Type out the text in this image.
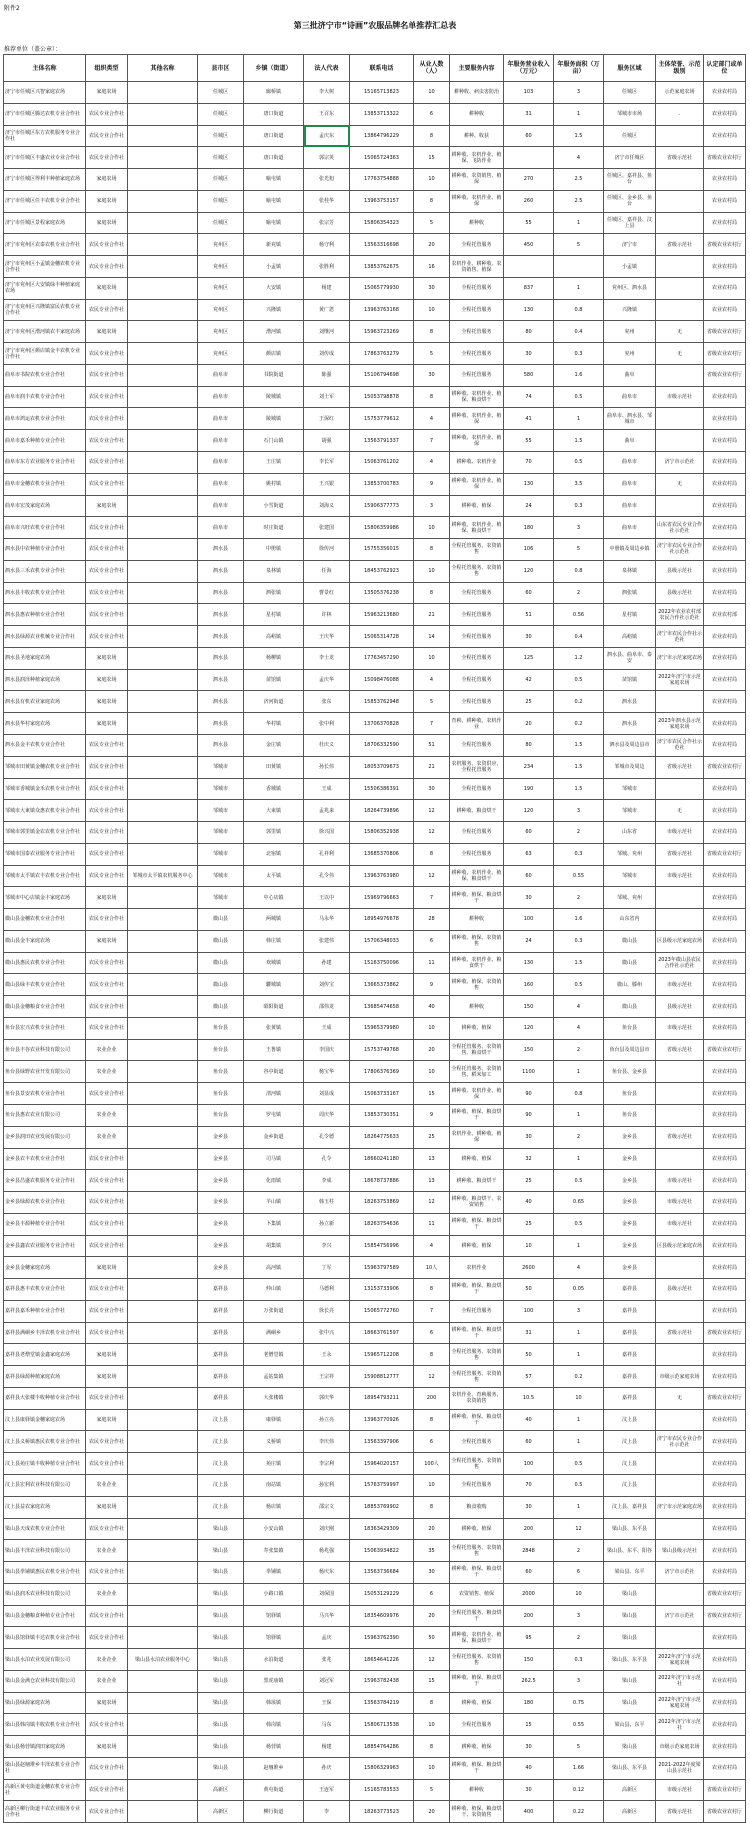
附件2
第三批济宁市“诗画”农服品牌名单推荐汇总表
推荐单位（盖公章）：
主体名称	组织类型	其他名称	县市区	乡镇（街道）	法人代表	联系电话	从业人数（人）	主要服务内容	年服务营业收入（万元）	年服务面积（万亩）	服务区域	主体荣誉、示范级别	认定部门或单位
济宁市任城区兴智家庭农场	家庭农场		任城区	廊桥镇	李大树	15165713823	10	耕种收、病虫害防治	103	3	任城区	示范家庭农场	农业农村局
济宁市任城区腾达农机专业合作社	农民专业合作社		任城区	唐口街道	王召东	13853713322	6	耕种收	31	1	邹城市市场	.	农业农村局
济宁市任城区东方农机服务专业合作社	农民专业合作社		任城区	唐口街道	孟庆东	13864796229	8	耕种、收获	60	1.5	任城区		农业农村局
济宁市任城区丰盛农业专业合作社	农民专业合作社		任城区	唐口街道	郭宗英	15065724363	15	耕种收、农机作业、植保、飞防作业		4	济宁市任城区	省级示范社	省级农业农村厅
济宁市任城区得利丰种植家庭农场	家庭农场		任城区	喻屯镇	张光旭	17763754888	10	耕种收、农资销售、植保	270	2.5	任城区、嘉祥县、鱼台		农业农村局
济宁市任城区任丰农机专业合作社	家庭农场		任城区	喻屯镇	张桂华	13963753157	8	耕种收、农机作业、植保	260	2.5	任城区、金乡县、鱼台		农业农村局
济宁市任城区景程家庭农场	家庭农场		任城区	喻屯镇	张宗芳	15806354323	5	耕种收	55	1	任城区、嘉祥县、汶上县		农业农村局
济宁市兖州区农泰农机专业合作社	农民专业合作社		兖州区	新兖镇	杨守利	13563316698	20	全程托管服务	450	5	济宁市	省级示范社	省级农业农村厅
济宁市兖州区小孟镇金穗农机专业合作社	农民专业合作社		兖州区	小孟镇	张胜利	13853762675	16	农机作业、耕种收、农资销售、植保			小孟镇		农业农村局
济宁市兖州区大安镇绿丰种植家庭农场	家庭农场		兖州区	大安镇	杨建	15065779930	30	全程托管服务	837	1	兖州区、泗水县		农业农村局
济宁市兖州区兴隆镇富民农机专业合作社	农民专业合作社		兖州区	兴隆镇	黄广恩	13963763168	10	全程托管服务	130	0.8	兴隆镇		农业农村局
济宁市兖州区漕河镇农丰家庭农场	家庭农场		兖州区	漕河镇	刘继河	15963723269	8	全程托管服务	80	0.4	兖州	无	省级农业农村厅
济宁市兖州区颜店镇金丰农机专业合作社	农民专业合作社		兖州区	颜店镇	刘传成	17863763279	5	全程托管服务	30	0.3	兖州	无	省级农业农村厅
曲阜市书院农机专业合作社	农民专业合作社		曲阜市	书院街道	陈强	15106794698	30	全程托管服务	580	1.6	曲阜		省级农业农村厅
曲阜市润丰农机专业合作社	农民专业合作社		曲阜市	陵城镇	刘士军	15053798878	8	耕种收、农机作业、植保、粮食烘干	74	0.5	曲阜市	市级示范社	农业农村局
曲阜市鸿运农机专业合作社	农民专业合作社		曲阜市	陵城镇	王保红	15753779612	4	耕种收、农机作业、植保	41	1	曲阜市、泗水县、邹城市		农业农村局
曲阜市嘉禾种植专业合作社	农民专业合作社		曲阜市	石门山镇	胡强	13563791337	7	耕种收、农机作业、植保	55	1.5	曲阜		农业农村局
曲阜市东方农业服务专业合作社	农民专业合作社		曲阜市	王庄镇	李长军	15063761202	4	耕种收、农机作业	70	0.5	曲阜市	济宁市示范社	农业农村局
曲阜市金穗农机专业合作社	农民专业合作社		曲阜市	姚村镇	王兴银	13853700783	9	耕种收、农机作业、植保	130	3.5	曲阜市	无	农业农村局
曲阜市宏茂家庭农场	家庭农场		曲阜市	小雪街道	刘海义	15906377773	3	耕种收、植保	24	0.3	曲阜市		农业农村局
曲阜市兴旺农机专业合作社	农民专业合作社		曲阜市	时庄街道	张建国	15806359986	10	耕种收、农机作业、植保、粮食烘干	180	3	曲阜市	山东省农民专业合作社示范社	农业农村局
泗水县中农种植专业合作社	农民专业合作社		泗水县	中册镇	徐传河	15755356015	8	全程托管服务、农资销售	106	5	中册镇及周边乡镇	济宁市农民专业合作社示范社	农业农村局
泗水县三禾农机专业合作社	农民专业合作社		泗水县	泉林镇	任海	18453762923	10	全程托管服务、农资销售	120	0.8	泉林镇	县级示范社	农业农村局
泗水县丰收农机专业合作社	农民专业合作社		泗水县	泗张镇	曹景红	13505376238	8	全程托管服务	60	2	泗张镇	县级示范社	农业农村局
泗水县惠农种植专业合作社	农民专业合作社		泗水县	星村镇	许林	15963213680	21	全程托管服务	51	0.56	星村镇	2022年农业农村部农民合作社示范社	农业农村部
泗水县绿源农业机械专业合作社	农民专业合作社		泗水县	高峪镇	王庆华	15065314728	14	全程托管服务	30	0.4	高峪镇	济宁市农民合作社示范社	农业农村局
泗水县圣地家庭农场	家庭农场		泗水县	杨柳镇	李士龙	17763457290	10	全程托管服务	125	1.2	泗水县、曲阜市、泰安	济宁市示范家庭农场	农业农村局
泗水县润泽种植家庭农场	家庭农场		泗水县	苗馆镇	孟庆华	15098476088	4	全程托管服务	42	0.5	苗馆镇	2022年济宁市示范家庭农场	农业农村局
泗水县有机农业家庭农场	家庭农场		泗水县	济河街道	张东	15853762948	5	全程托管服务	25	0.2	泗水县		农业农村局
泗水县华村家庭农场	家庭农场		泗水县	华村镇	张中利	13706370828	7	育秧、耕种收、农机作业	20	0.2	泗水县	2023年泗水县示范家庭农场	农业农村局
泗水县金丰农机专业合作社	农民专业合作社		泗水县	金庄镇	杜庆义	18706332590	51	全程托管服务	80	1.5	泗水县及周边县市	济宁市农民合作社示范社	农业农村局
邹城市田黄镇金穗农机专业合作社	农民专业合作社		邹城市	田黄镇	孙长伟	18053709673	21	农机服务、农资供应、全程托管服务	234	1.5	邹城市及周边	省级示范社	省级农业农村厅
邹城市香城镇金禾农机专业合作社	农民专业合作社		邹城市	香城镇	王成	15506386391	30	全程托管服务	190	1.5	邹城市		农业农村局
邹城市大東镇众惠农机专业合作社	农民专业合作社		邹城市	大束镇	孟兆来	18264739896	12	耕种收、粮食烘干	120	3	邹城市	无	农业农村局
邹城市郭里镇金农农机专业合作社	农民专业合作社		邹城市	郭里镇	徐兴国	15806352938	12	全程托管服务	60	2	山东省	市级示范社	农业农村局
邹城市国泰农业服务专业合作社	农民专业合作社		邹城市	北宿镇	孔祥利	13685370806	8	全程托管服务	63	0.3	邹城、兖州	省级示范社	省级农业农村厅
邹城市太平镇农丰农机专业合作社	农民专业合作社	邹城市太平镇农机服务中心	邹城市	太平镇	孔令伟	13963763980	12	耕种收、农机作业、植保、粮食烘干	60	0.55	邹城市	市级示范社	农业农村局
邹城市中心店镇金丰家庭农场	家庭农场		邹城市	中心店镇	王以中	15969796663	7	耕种收、植保、粮食烘干	30	2	邹城、兖州		农业农村局
微山县金穗农机专业合作社	农民专业合作社		微山县	两城镇	马永华	18954976678	28	耕种收	100	1.6	山东省内		农业农村局
微山县金丰家庭农场	家庭农场		微山县	韩庄镇	张建伟	15706348033	6	耕种收、植保、农资销售	24	0.3	微山县	区县级示范家庭农场	农业农村局
微山县惠民农机专业合作社	农民专业合作社		微山县	欢城镇	孙建	15163750096	11	耕种收、农机作业、粮食烘干	130	1.5	微山县	2023年微山县农民合作社示范社	农业农村局
微山县绿丰农机专业合作社	农民专业合作社		微山县	驩城镇	刘传宝	13665373862	9	耕种收、植保、农资销售	160	0.5	微山、滕州	市级示范社	农业农村局
微山县金穗粮食专业合作社	农民专业合作社		微山县	昭阳街道	邵伟龙	13685474658	40	耕种收	150	4	微山县	县级示范社	农业农村局
鱼台县宏兴农机专业合作社	农民专业合作社		鱼台县	张黄镇	王成	15965379980	10	耕种收、植保	120	4	鱼台县	市级示范社	农业农村局
鱼台县丰谷农业科技有限公司	农业企业		鱼台县	王鲁镇	李国庆	15753749768	20	全程托管服务、农资销售、粮食烘干	150	2	鱼台县及周边县市	省级示范社	省级农业农村厅
鱼台县绿野农业开发有限公司	农业企业		鱼台县	谷亭街道	杨宝华	17806376369	10	全程托管服务、农资销售、稻米加工	1100	1	鱼台县、金乡县		农业农村局
鱼台县景安农机专业合作社	农民专业合作社		鱼台县	清河镇	刘显成	15063733167	15	耕种收、农机作业、植保	90	0.8	鱼台县		农业农村局
鱼台县惠农农业有限公司	农业企业		鱼台县	罗屯镇	周庆华	13853730351	9	耕种收、植保、粮食烘干	90	1	鱼台县		农业农村局
金乡县润田农业发展有限公司	农业企业		金乡县	金乡街道	孔令德	18264775633	25	农机作业、耕种收、植保	30	2	金乡县	省级示范社	农业农村局
金乡县农丰农机专业合作社	农民专业合作社		金乡县	司马镇	孔令	18660241180	13	耕种收、植保	32	1	金乡县		农业农村局
金乡县昌盛农机服务专业合作社	农民专业合作社		金乡县	化雨镇	李成	18678737886	13	耕种收、粮食烘干	25	0.5	金乡县	市级示范社	农业农村局
金乡县绿源农机专业合作社	农民专业合作社		金乡县	羊山镇	韩玉柱	18263753869	12	耕种收、粮食烘干、农资销售	40	0.65	金乡县	市级示范社	农业农村局
金乡县丰源种植专业合作社	农民专业合作社		金乡县	卜集镇	孙立新	18263754636	11	耕种收、植保、粮食烘干	25	0.5	金乡县	市级示范社	农业农村局
金乡县鑫农农业服务专业合作社	农民专业合作社		金乡县	胡集镇	李兴	15854756996	4	耕种收、植保	10	1	金乡县	区县级示范家庭农场	农业农村局
金乡县金穗家庭农场	家庭农场		金乡县	高河镇	丁军	15963797589	10人	农机作业	2600	4	金乡县		农业农村局
嘉祥县惠丰农机专业合作社	农民专业合作社		嘉祥县	仲山镇	马德利	13153733906	8	耕种收、植保、粮食烘干	50	0.05	嘉祥县	县级示范社	农业农村局
嘉祥县嘉禾种植专业合作社	农民专业合作社		嘉祥县	万张街道	徐长亮	15065772760	7	全程托管服务	100	3	嘉祥县		农业农村局
嘉祥县满硐乡丰泽农机专业合作社	农民专业合作社		嘉祥县	满硐乡	张中兴	18663761597	6	耕种收、植保、粮食烘干	31	1	嘉祥县	省级示范社	省级农业农村厅
嘉祥县老僧堂镇金鑫家庭农场	家庭农场		嘉祥县	老僧堂镇	王永	15965712208	8	全程托管服务、农资销售	50	1	嘉祥县		农业农村局
嘉祥县绿源种植家庭农场	家庭农场		嘉祥县	孟姑集镇	王宗祥	15908812777	12	全程托管服务、农资销售	57	0.2	嘉祥县	市级示范家庭农场	农业农村局
嘉祥县大张楼丰收种植专业合作社	农民专业合作社		嘉祥县	大张楼镇	郭庆华	18954793211	200	农机作业、育秧服务、农资销售	10.5	10	嘉祥县	无	省级农业农村厅
汶上县康驿镇金穗家庭农场	家庭农场		汶上县	康驿镇	孙立亮	13963770926	8	耕种收、植保、粮食烘干	40	1	汶上县		农业农村局
汶上县义桥镇惠民农机专业合作社	农民专业合作社		汶上县	义桥镇	李庆伟	13563397906	6	全程托管服务	60	1	汶上县	济宁市农民专业合作社示范社	农业农村局
汶上县苑庄镇丰收种植专业合作社	农民专业合作社		汶上县	苑庄镇	李宗利	15964020157	100人	全程托管服务、农资销售	100	0.5	汶上县		农业农村局
汶上县宏利农业科技有限公司	农业企业		汶上县	南站镇	孙宏利	15763759997	10	全程托管服务	70	0.5	汶上县		农业农村局
汶上县益农家庭农场	家庭农场		汶上县	杨店镇	邵宗文	18853769902	8	粮食收购	30	1	汶上县、嘉祥县	济宁市示范家庭农场	农业农村局
梁山县天成农机专业合作社	农民专业合作社		梁山县	小安山镇	刘庆刚	18363429309	20	耕种收、植保	200	12	梁山县、东平县		农业农村局
梁山县丰泽农业科技有限公司	农业企业		梁山县	寿张集镇	杨兆强	15063934822	35	全程托管服务、农资销售	2848	2	梁山县、东平、阳谷	梁山县级示范社	农业农村局
梁山县拳铺镇惠民农机专业合作社	农民专业合作社		梁山县	拳铺镇	杨庆东	13563736684	30	耕种收、植保、粮食烘干	60	6	梁山县、东平	济宁市示范社	农业农村局
梁山县润禾农业科技有限公司	农业企业		梁山县	小路口镇	刘保国	15053129229	6	农资销售、植保	2000	10	梁山县		省级农业农村厅
梁山县金穗粮食种植专业合作社	农民专业合作社		梁山县	馆驿镇	马兴华	18354609976	20	全程托管服务、粮食烘干	200	3	梁山县	济宁市示范社	省级农业农村厅
梁山县馆驿镇丰达农机专业合作社	农民专业合作社		梁山县	馆驿镇	孟庆	15963762390	50	耕种收、农机作业、植保、粮食烘干	95	2	梁山县		农业农村局
梁山县水泊农业发展有限公司	农业企业	梁山县水泊农业服务中心	梁山县	水泊街道	张兆	18654641226	12	全程托管服务、农资销售	150	0.3	梁山县、东平县	2022年济宁市示范家庭农场	农业农村局
梁山县金满仓农业科技有限公司	农业企业		梁山县	黑虎庙镇	刘冠军	15963782438	15	耕种收、植保、粮食烘干	262.5	3	梁山县	2022年济宁市示范社	农业农村局
梁山县绿源家庭农场	家庭农场		梁山县	韩垓镇	王保	13563784219	8	耕种收、植保	180	0.75	梁山县	2022年济宁市示范家庭农场	农业农村局
梁山县韩岗镇丰收农机专业合作社	农民专业合作社		梁山县	韩岗镇	马东	15806713538	10	全程托管服务	15	0.55	梁山县、东平	2022年济宁市示范社	农业农村局
梁山县杨营镇润田家庭农场	家庭农场		梁山县	杨营镇	杨建	18854764286	8	耕种收、植保	30	5	梁山县	市级示范家庭农场	农业农村局
梁山县赵堌堆乡丰泽农机专业合作社	农民专业合作社		梁山县	赵堌堆乡	孙庆	15806329963	10	耕种收、植保、粮食烘干	40	1.66	梁山县、东平县	2021-2022年度梁山县示范社	农业农村局
高新区黄屯街道金穗农机专业合作社	农民专业合作社		高新区	黄屯街道	王连军	15165783533	5	耕种收	30	0.12	高新区	市级示范社	省级农业农村厅
高新区柳行街道丰农农业服务专业合作社	农民专业合作社		高新区	柳行街道	李	18263773523	20	耕种收、植保、粮食烘干、农资销售	400	0.22	高新区	省级示范社	省级农业农村厅
